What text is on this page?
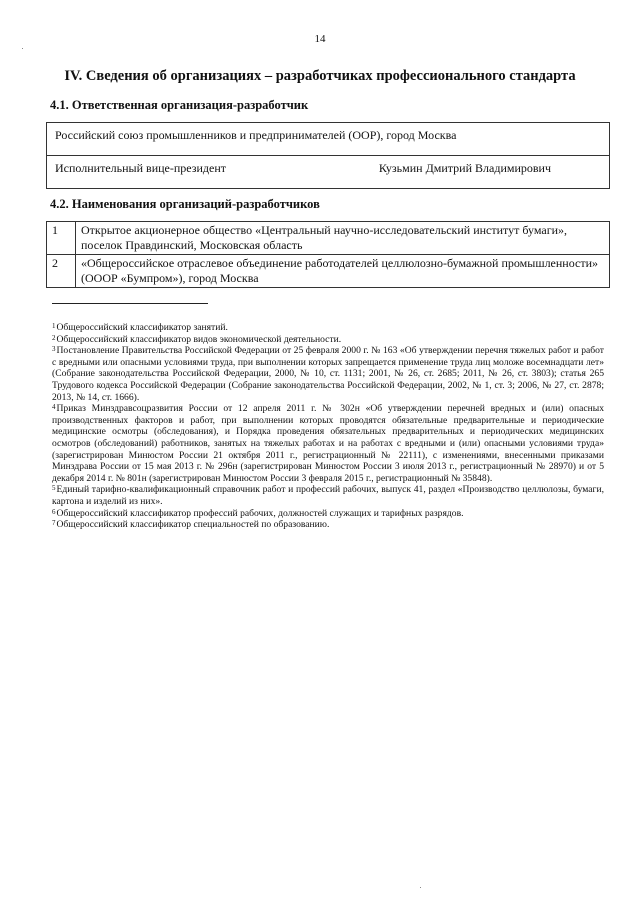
14
IV. Сведения об организациях – разработчиках профессионального стандарта
4.1. Ответственная организация-разработчик
Российский союз промышленников и предпринимателей (ООР), город Москва

Исполнительный вице-президент	Кузьмин Дмитрий Владимирович
4.2. Наименования организаций-разработчиков
1	Открытое акционерное общество «Центральный научно-исследовательский институт бумаги», поселок Правдинский, Московская область
2	«Общероссийское отраслевое объединение работодателей целлюлозно-бумажной промышленности» (ОООР «Бумпром»), город Москва

$^1$Общероссийский классификатор занятий.

$^2$Общероссийский классификатор видов экономической деятельности.

$^3$Постановление Правительства Российской Федерации от 25 февраля 2000 г. № 163 «Об утверждении перечня тяжелых работ и работ с вредными или опасными условиями труда, при выполнении которых запрещается применение труда лиц моложе восемнадцати лет» (Собрание законодательства Российской Федерации, 2000, № 10, ст. 1131; 2001, № 26, ст. 2685; 2011, № 26, ст. 3803); статья 265 Трудового кодекса Российской Федерации (Собрание законодательства Российской Федерации, 2002, № 1, ст. 3; 2006, № 27, ст. 2878; 2013, № 14, ст. 1666).

$^4$Приказ Минздравсоцразвития России от 12 апреля 2011 г. № 302н «Об утверждении перечней вредных и (или) опасных производственных факторов и работ, при выполнении которых проводятся обязательные предварительные и периодические медицинские осмотры (обследования), и Порядка проведения обязательных предварительных и периодических медицинских осмотров (обследований) работников, занятых на тяжелых работах и на работах с вредными и (или) опасными условиями труда» (зарегистрирован Минюстом России 21 октября 2011 г., регистрационный № 22111), с изменениями, внесенными приказами Минздрава России от 15 мая 2013 г. № 296н (зарегистрирован Минюстом России 3 июля 2013 г., регистрационный № 28970) и от 5 декабря 2014 г. № 801н (зарегистрирован Минюстом России 3 февраля 2015 г., регистрационный № 35848).

$^5$Единый тарифно-квалификационный справочник работ и профессий рабочих, выпуск 41, раздел «Производство целлюлозы, бумаги, картона и изделий из них».

$^6$Общероссийский классификатор профессий рабочих, должностей служащих и тарифных разрядов.

$^7$Общероссийский классификатор специальностей по образованию.
